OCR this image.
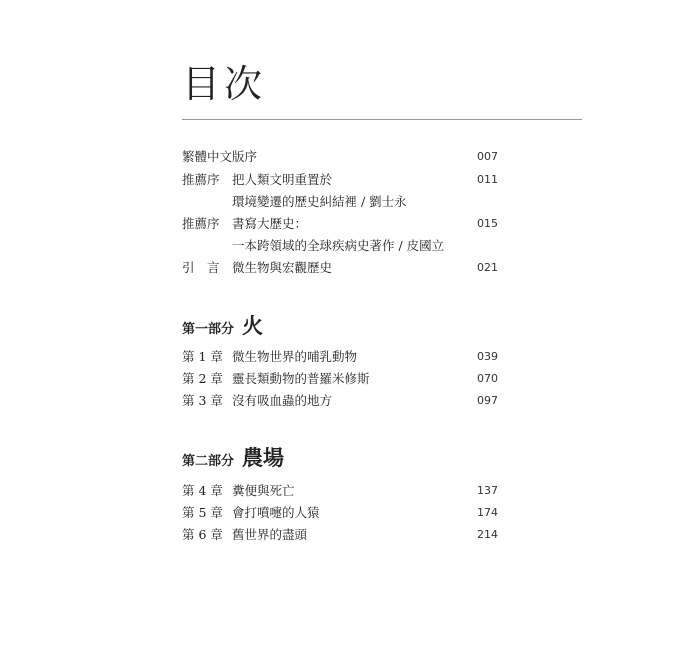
目次
繁體中文版序	007
推薦序 把人類文明重置於	011
環境變遷的歷史糾結裡 / 劉士永
推薦序 書寫大歷史：	015
一本跨領域的全球疾病史著作 / 皮國立
引　言 微生物與宏觀歷史	021
第一部分 火
第 1 章 微生物世界的哺乳動物	039
第 2 章 靈長類動物的普羅米修斯	070
第 3 章 沒有吸血蟲的地方	097
第二部分 農場
第 4 章 糞便與死亡	137
第 5 章 會打噴嚏的人猿	174
第 6 章 舊世界的盡頭	214
